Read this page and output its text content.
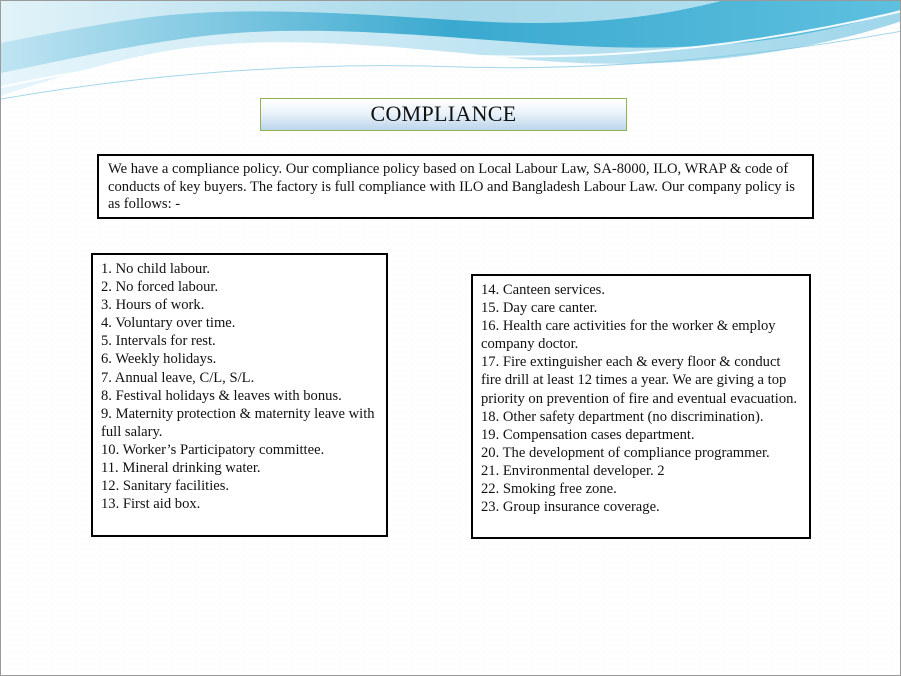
COMPLIANCE
We have a compliance policy. Our compliance policy based on Local Labour Law, SA-8000, ILO, WRAP & code of conducts of key buyers. The factory is full compliance with ILO and Bangladesh Labour Law. Our company policy is as follows: -
1. No child labour.
2. No forced labour.
3. Hours of work.
4. Voluntary over time.
5. Intervals for rest.
6. Weekly holidays.
7. Annual leave, C/L, S/L.
8. Festival holidays & leaves with bonus.
9. Maternity protection & maternity leave with full salary.
10. Worker’s Participatory committee.
11. Mineral drinking water.
12. Sanitary facilities.
13. First aid box.
14. Canteen services.
15. Day care canter.
16. Health care activities for the worker & employ company doctor.
17. Fire extinguisher each & every floor & conduct fire drill at least 12 times a year. We are giving a top priority on prevention of fire and eventual evacuation.
18. Other safety department (no discrimination).
19. Compensation cases department.
20. The development of compliance programmer.
21. Environmental developer. 2
22. Smoking free zone.
23. Group insurance coverage.
